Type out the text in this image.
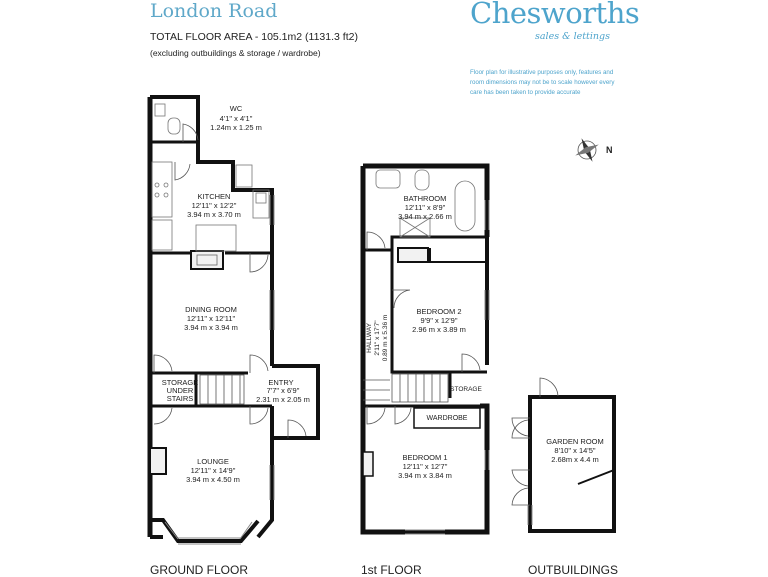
London Road
TOTAL FLOOR AREA - 105.1m2 (1131.3 ft2)
(excluding outbuildings & storage / wardrobe)
Chesworths
sales & lettings
Floor plan for illustrative purposes only, features and room dimensions may not be to scale however every care has been taken to provide accurate
WC
4'1" x 4'1"
1.24m x 1.25 m
KITCHEN
12'11" x 12'2"
3.94 m x 3.70 m
DINING ROOM
12'11" x 12'11"
3.94 m x 3.94 m
STORAGE
UNDER
STAIRS
ENTRY
7'7" x 6'9"
2.31 m x 2.05 m
LOUNGE
12'11" x 14'9"
3.94 m x 4.50 m
BATHROOM
12'11" x 8'9"
3.94 m x 2.66 m
BEDROOM 2
9'9" x 12'9"
2.96 m x 3.89 m
STORAGE
WARDROBE
BEDROOM 1
12'11" x 12'7"
3.94 m x 3.84 m
GARDEN ROOM
8'10" x 14'5"
2.68m x 4.4 m
HALLWAY 2'11" x 17'7" 0.89 m x 5.36 m
N
GROUND FLOOR	1st FLOOR	OUTBUILDINGS
